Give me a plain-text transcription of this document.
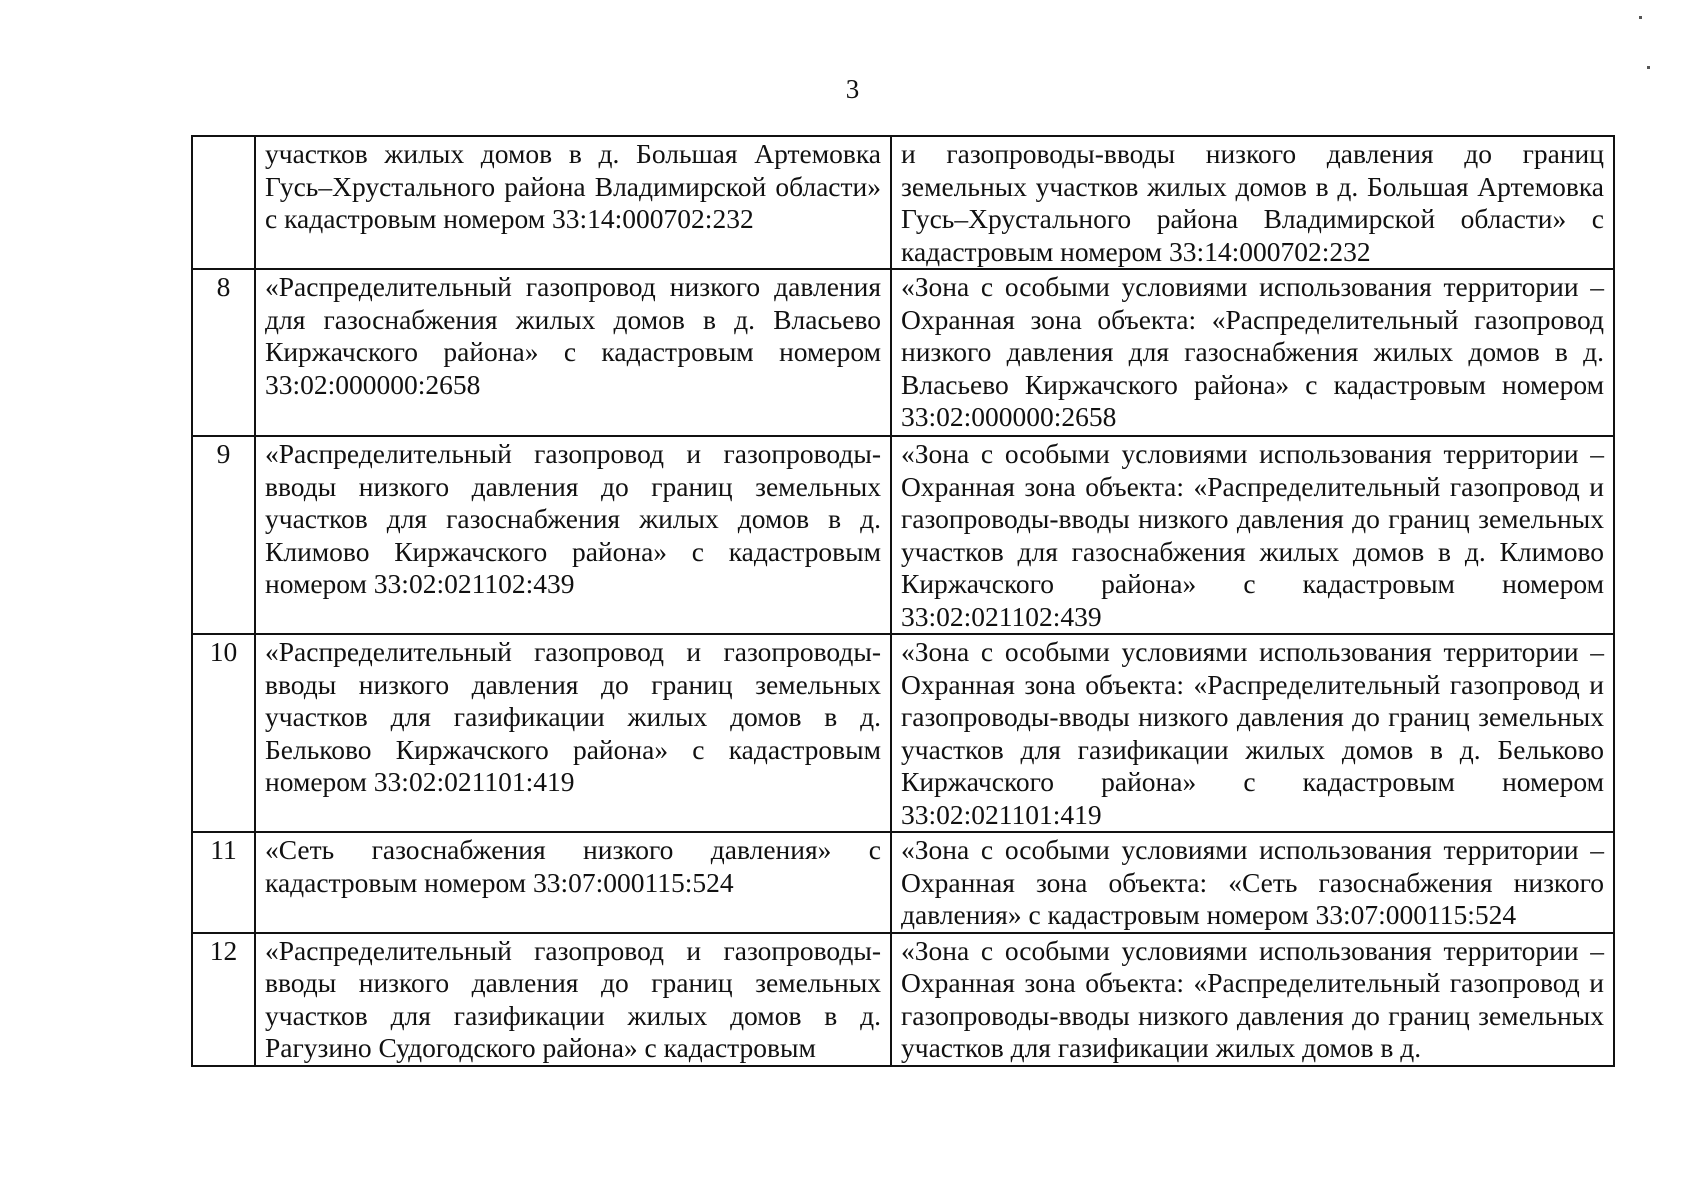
3
	участков жилых домов в д. Большая Артемовка Гусь–Хрустального района Владимирской области» с кадастровым номером 33:14:000702:232	и газопроводы-вводы низкого давления до границ земельных участков жилых домов в д. Большая Артемовка Гусь–Хрустального района Владимирской области» с кадастровым номером 33:14:000702:232
8	«Распределительный газопровод низкого давления для газоснабжения жилых домов в д. Власьево Киржачского района» с кадастровым номером 33:02:000000:2658	«Зона с особыми условиями использования территории – Охранная зона объекта: «Распределительный газопровод низкого давления для газоснабжения жилых домов в д. Власьево Киржачского района» с кадастровым номером 33:02:000000:2658
9	«Распределительный газопровод и газопроводы-вводы низкого давления до границ земельных участков для газоснабжения жилых домов в д. Климово Киржачского района» с кадастровым номером 33:02:021102:439	«Зона с особыми условиями использования территории – Охранная зона объекта: «Распределительный газопровод и газопроводы-вводы низкого давления до границ земельных участков для газоснабжения жилых домов в д. Климово Киржачского района» с кадастровым номером 33:02:021102:439
10	«Распределительный газопровод и газопроводы-вводы низкого давления до границ земельных участков для газификации жилых домов в д. Бельково Киржачского района» с кадастровым номером 33:02:021101:419	«Зона с особыми условиями использования территории – Охранная зона объекта: «Распределительный газопровод и газопроводы-вводы низкого давления до границ земельных участков для газификации жилых домов в д. Бельково Киржачского района» с кадастровым номером 33:02:021101:419
11	«Сеть газоснабжения низкого давления» с кадастровым номером 33:07:000115:524	«Зона с особыми условиями использования территории – Охранная зона объекта: «Сеть газоснабжения низкого давления» с кадастровым номером 33:07:000115:524
12	«Распределительный газопровод и газопроводы-вводы низкого давления до границ земельных участков для газификации жилых домов в д. Рагузино Судогодского района» с кадастровым	«Зона с особыми условиями использования территории – Охранная зона объекта: «Распределительный газопровод и газопроводы-вводы низкого давления до границ земельных участков для газификации жилых домов в д.
